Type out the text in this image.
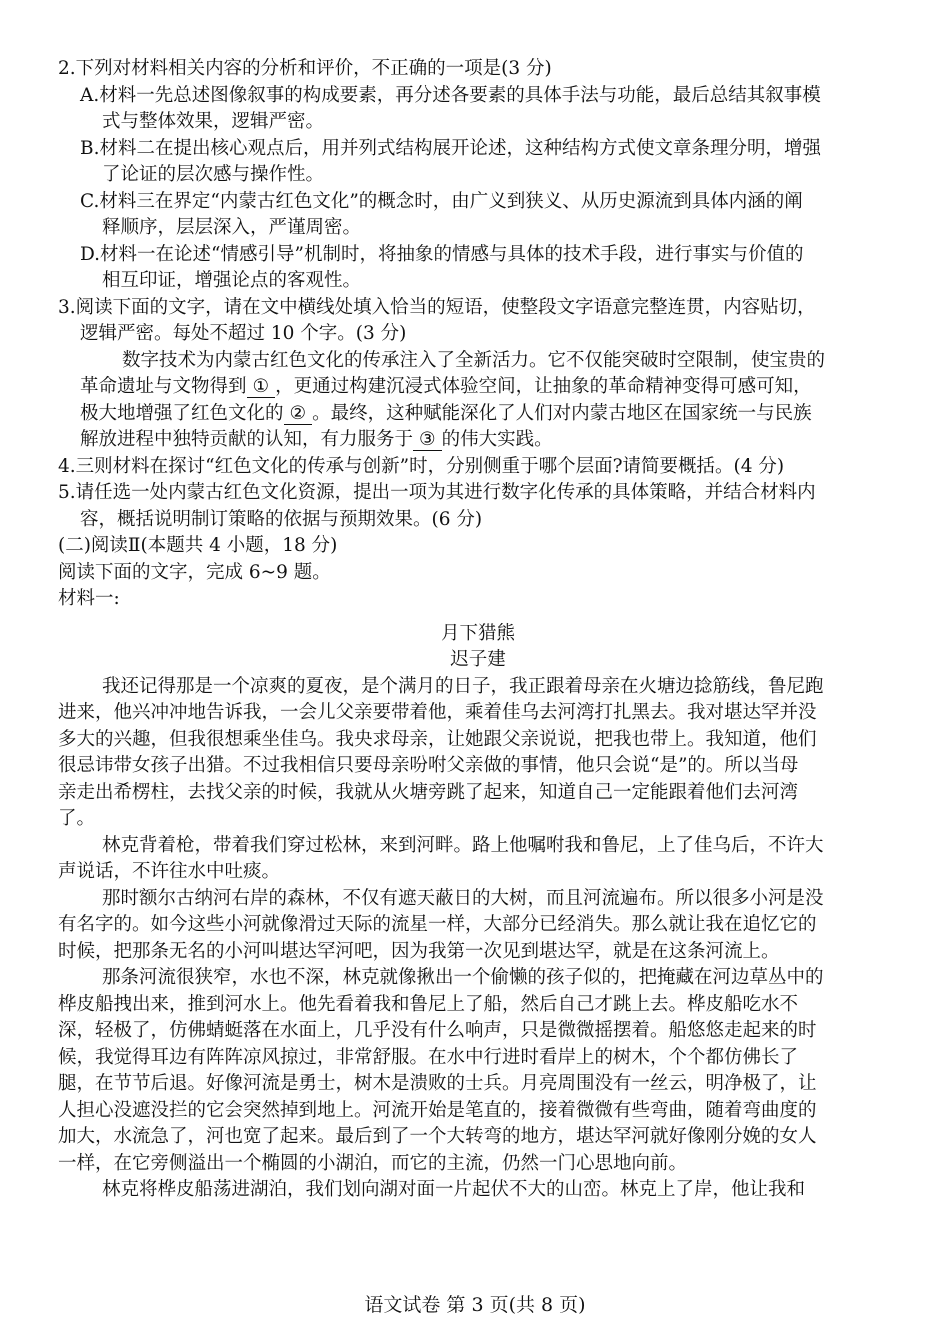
2.下列对材料相关内容的分析和评价，不正确的一项是(3 分)
A.材料一先总述图像叙事的构成要素，再分述各要素的具体手法与功能，最后总结其叙事模
式与整体效果，逻辑严密。
B.材料二在提出核心观点后，用并列式结构展开论述，这种结构方式使文章条理分明，增强
了论证的层次感与操作性。
C.材料三在界定“内蒙古红色文化”的概念时，由广义到狭义、从历史源流到具体内涵的阐
释顺序，层层深入，严谨周密。
D.材料一在论述“情感引导”机制时，将抽象的情感与具体的技术手段，进行事实与价值的
相互印证，增强论点的客观性。
3.阅读下面的文字，请在文中横线处填入恰当的短语，使整段文字语意完整连贯，内容贴切，
逻辑严密。每处不超过 10 个字。(3 分)
数字技术为内蒙古红色文化的传承注入了全新活力。它不仅能突破时空限制，使宝贵的
革命遗址与文物得到 ① ，更通过构建沉浸式体验空间，让抽象的革命精神变得可感可知，
极大地增强了红色文化的 ② 。最终，这种赋能深化了人们对内蒙古地区在国家统一与民族
解放进程中独特贡献的认知，有力服务于 ③ 的伟大实践。
4.三则材料在探讨“红色文化的传承与创新”时，分别侧重于哪个层面?请简要概括。(4 分)
5.请任选一处内蒙古红色文化资源，提出一项为其进行数字化传承的具体策略，并结合材料内
容，概括说明制订策略的依据与预期效果。(6 分)
(二)阅读Ⅱ(本题共 4 小题，18 分)
阅读下面的文字，完成 6~9 题。
材料一:
月下猎熊
迟子建
我还记得那是一个凉爽的夏夜，是个满月的日子，我正跟着母亲在火塘边捻筋线，鲁尼跑
进来，他兴冲冲地告诉我，一会儿父亲要带着他，乘着佳乌去河湾打扎黑去。我对堪达罕并没
多大的兴趣，但我很想乘坐佳乌。我央求母亲，让她跟父亲说说，把我也带上。我知道，他们
很忌讳带女孩子出猎。不过我相信只要母亲吩咐父亲做的事情，他只会说“是”的。所以当母
亲走出希楞柱，去找父亲的时候，我就从火塘旁跳了起来，知道自己一定能跟着他们去河湾
了。
林克背着枪，带着我们穿过松林，来到河畔。路上他嘱咐我和鲁尼，上了佳乌后，不许大
声说话，不许往水中吐痰。
那时额尔古纳河右岸的森林，不仅有遮天蔽日的大树，而且河流遍布。所以很多小河是没
有名字的。如今这些小河就像滑过天际的流星一样，大部分已经消失。那么就让我在追忆它的
时候，把那条无名的小河叫堪达罕河吧，因为我第一次见到堪达罕，就是在这条河流上。
那条河流很狭窄，水也不深，林克就像揪出一个偷懒的孩子似的，把掩藏在河边草丛中的
桦皮船拽出来，推到河水上。他先看着我和鲁尼上了船，然后自己才跳上去。桦皮船吃水不
深，轻极了，仿佛蜻蜓落在水面上，几乎没有什么响声，只是微微摇摆着。船悠悠走起来的时
候，我觉得耳边有阵阵凉风掠过，非常舒服。在水中行进时看岸上的树木，个个都仿佛长了
腿，在节节后退。好像河流是勇士，树木是溃败的士兵。月亮周围没有一丝云，明净极了，让
人担心没遮没拦的它会突然掉到地上。河流开始是笔直的，接着微微有些弯曲，随着弯曲度的
加大，水流急了，河也宽了起来。最后到了一个大转弯的地方，堪达罕河就好像刚分娩的女人
一样，在它旁侧溢出一个椭圆的小湖泊，而它的主流，仍然一门心思地向前。
林克将桦皮船荡进湖泊，我们划向湖对面一片起伏不大的山峦。林克上了岸，他让我和
语文试卷 第 3 页(共 8 页)
